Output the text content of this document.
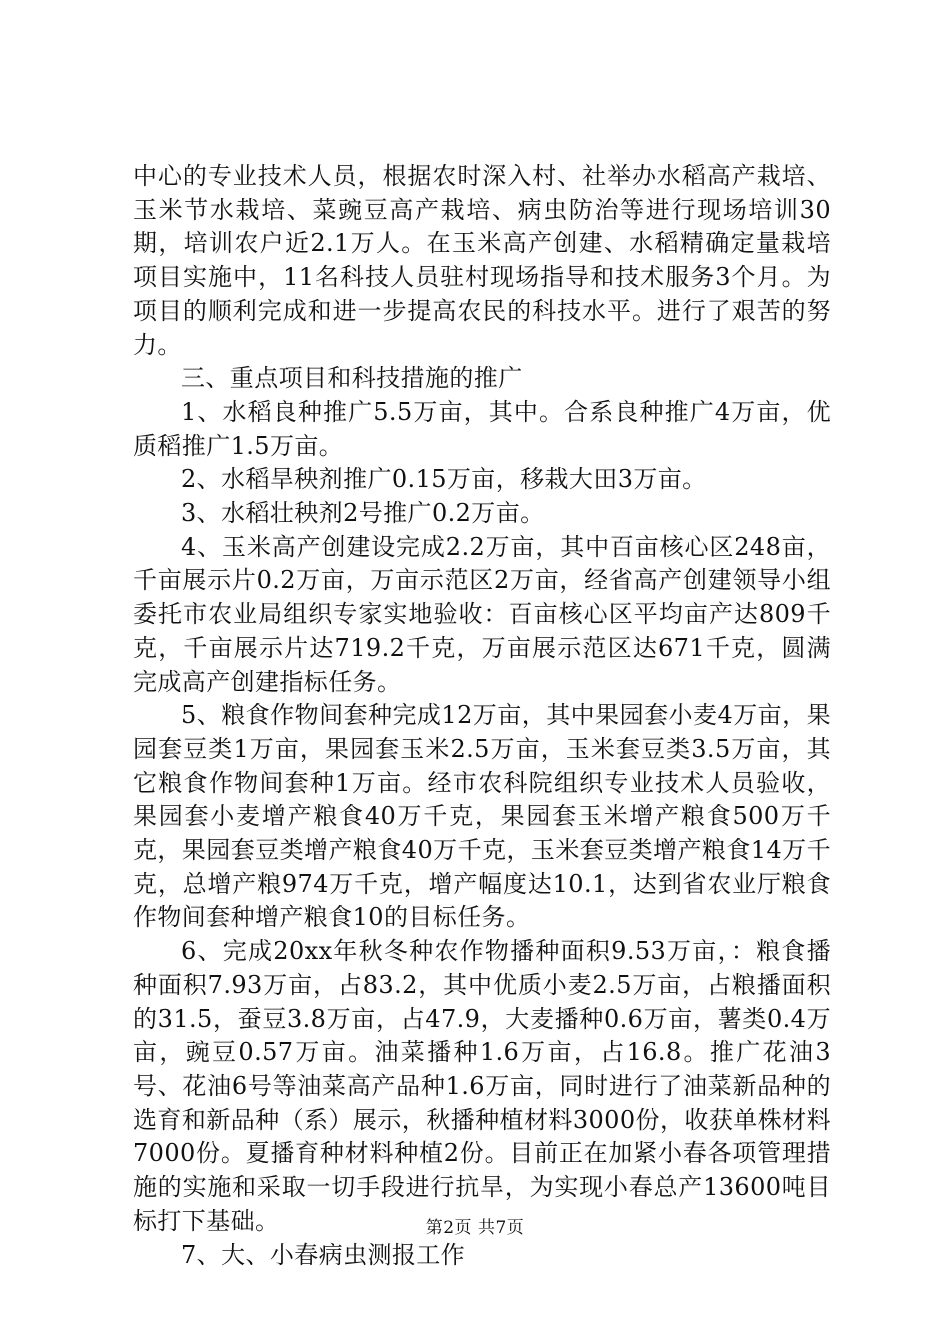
中心的专业技术人员，根据农时深入村、社举办水稻高产栽培、玉米节水栽培、菜豌豆高产栽培、病虫防治等进行现场培训30期，培训农户近2.1万人。在玉米高产创建、水稻精确定量栽培项目实施中，11名科技人员驻村现场指导和技术服务3个月。为项目的顺利完成和进一步提高农民的科技水平。进行了艰苦的努力。

三、重点项目和科技措施的推广

1、水稻良种推广5.5万亩，其中。合系良种推广4万亩，优质稻推广1.5万亩。

2、水稻旱秧剂推广0.15万亩，移栽大田3万亩。

3、水稻壮秧剂2号推广0.2万亩。

4、玉米高产创建设完成2.2万亩，其中百亩核心区248亩，千亩展示片0.2万亩，万亩示范区2万亩，经省高产创建领导小组委托市农业局组织专家实地验收：百亩核心区平均亩产达809千克，千亩展示片达719.2千克，万亩展示范区达671千克，圆满完成高产创建指标任务。

5、粮食作物间套种完成12万亩，其中果园套小麦4万亩，果园套豆类1万亩，果园套玉米2.5万亩，玉米套豆类3.5万亩，其它粮食作物间套种1万亩。经市农科院组织专业技术人员验收，果园套小麦增产粮食40万千克，果园套玉米增产粮食500万千克，果园套豆类增产粮食40万千克，玉米套豆类增产粮食14万千克，总增产粮974万千克，增产幅度达10.1，达到省农业厅粮食作物间套种增产粮食10的目标任务。

6、完成20xx年秋冬种农作物播种面积9.53万亩，：粮食播种面积7.93万亩，占83.2，其中优质小麦2.5万亩，占粮播面积的31.5，蚕豆3.8万亩，占47.9，大麦播种0.6万亩，薯类0.4万亩，豌豆0.57万亩。油菜播种1.6万亩，占16.8。推广花油3号、花油6号等油菜高产品种1.6万亩，同时进行了油菜新品种的选育和新品种（系）展示，秋播种植材料3000份，收获单株材料7000份。夏播育种材料种植2份。目前正在加紧小春各项管理措施的实施和采取一切手段进行抗旱，为实现小春总产13600吨目标打下基础。

7、大、小春病虫测报工作

第2页 共7页
